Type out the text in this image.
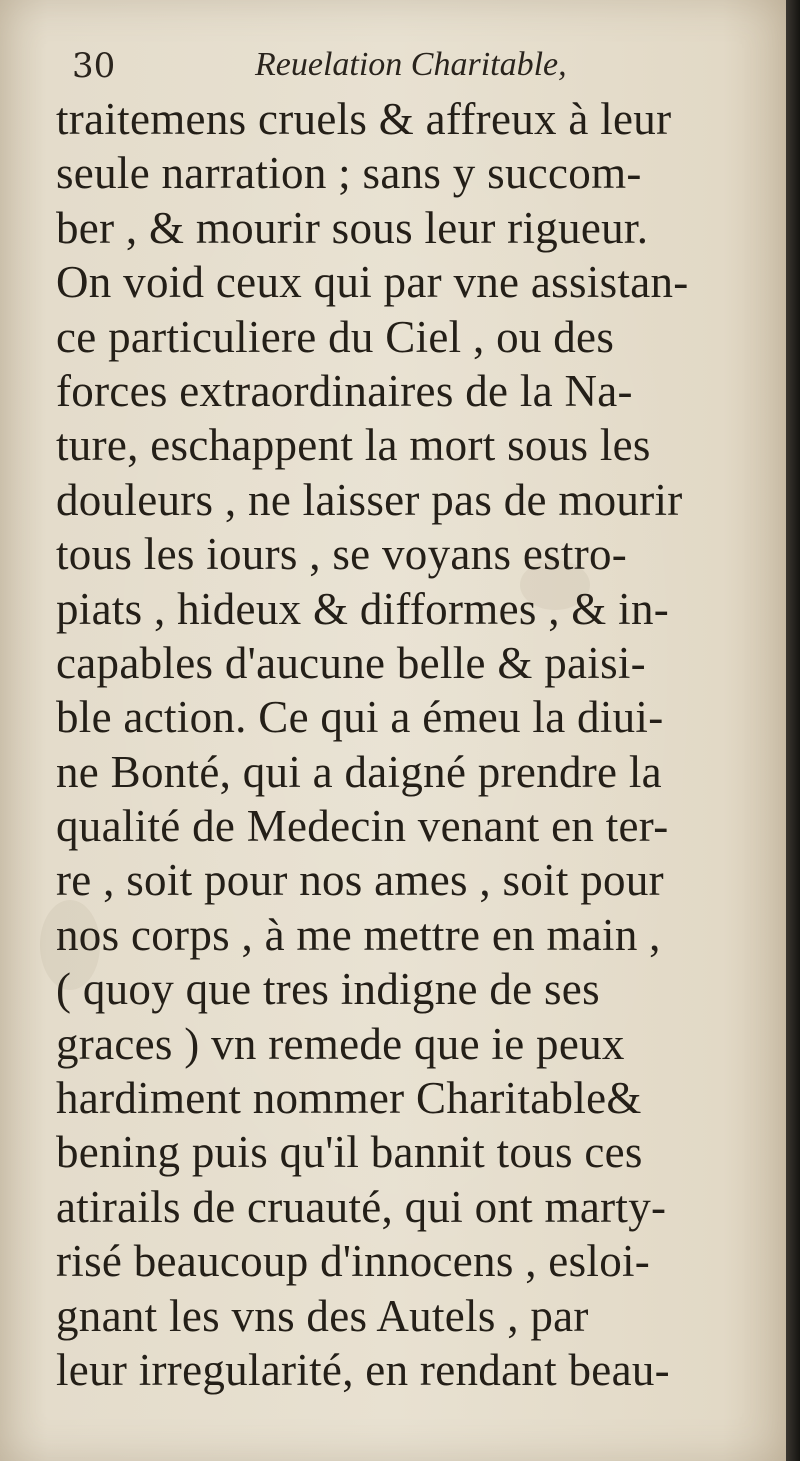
30	Reuelation Charitable,
traitemens cruels & affreux à leur
seule narration ; sans y succom-
ber , & mourir sous leur rigueur.
On void ceux qui par vne assistan-
ce particuliere du Ciel , ou des
forces extraordinaires de la Na-
ture, eschappent la mort sous les
douleurs , ne laisser pas de mourir
tous les iours , se voyans estro-
piats , hideux & difformes , & in-
capables d'aucune belle & paisi-
ble action. Ce qui a émeu la diui-
ne Bonté, qui a daigné prendre la
qualité de Medecin venant en ter-
re , soit pour nos ames , soit pour
nos corps , à me mettre en main ,
( quoy que tres indigne de ses
graces ) vn remede que ie peux
hardiment nommer Charitable&
bening puis qu'il bannit tous ces
atirails de cruauté, qui ont marty-
risé beaucoup d'innocens , esloi-
gnant les vns des Autels , par
leur irregularité, en rendant beau-
